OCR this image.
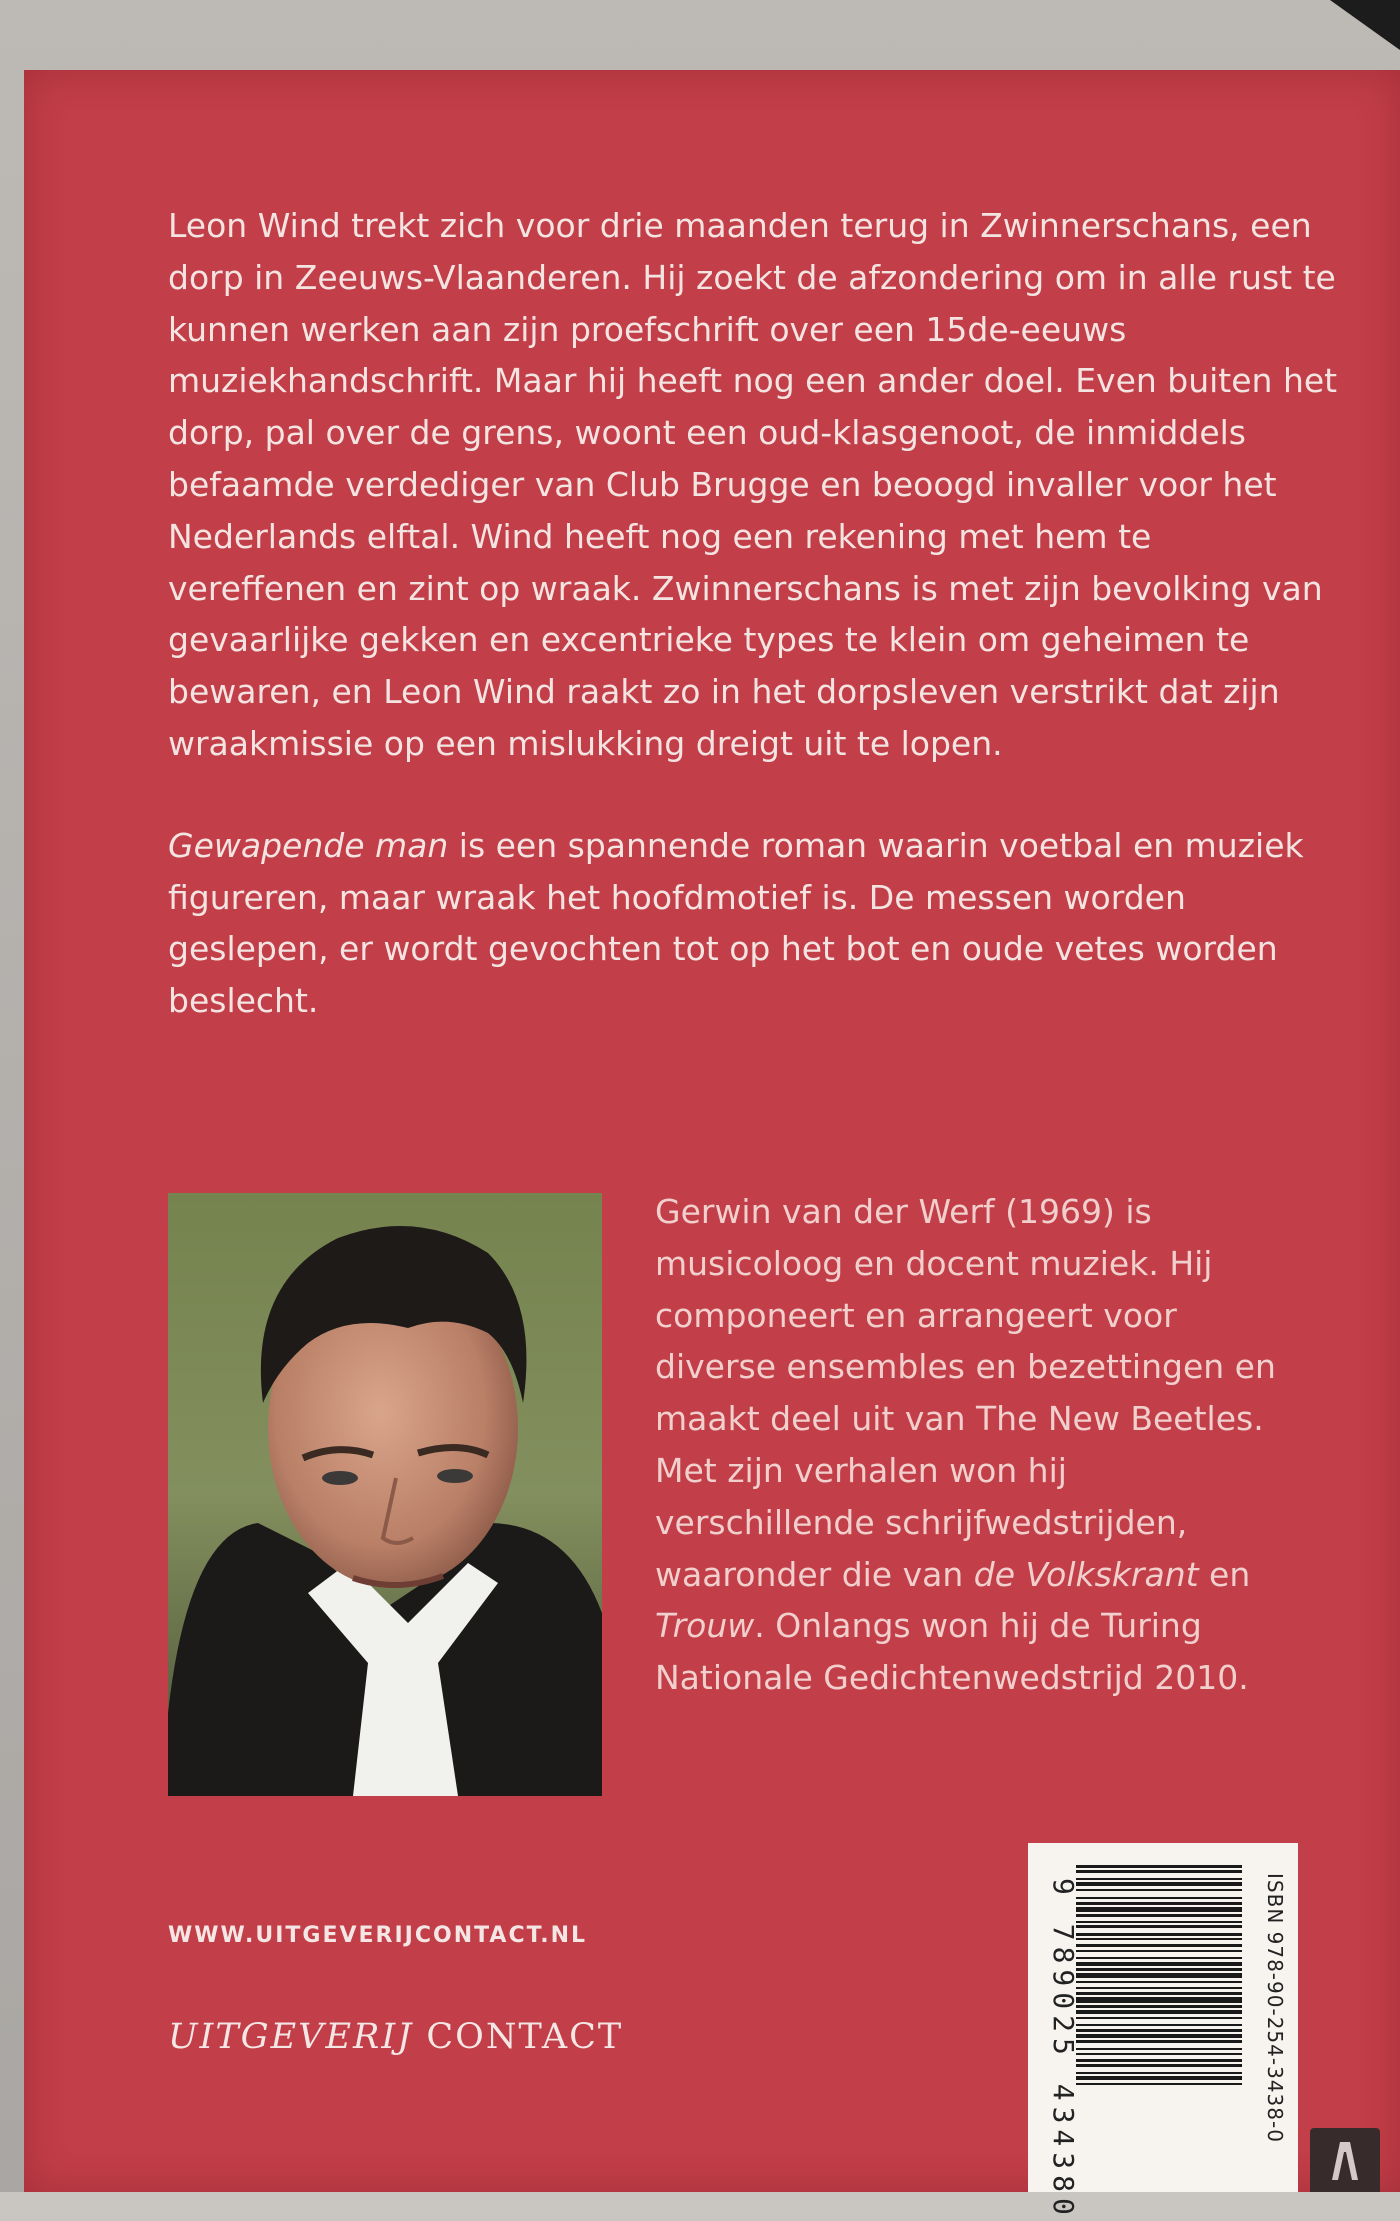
Leon Wind trekt zich voor drie maanden terug in Zwinnerschans, een dorp in Zeeuws-Vlaanderen. Hij zoekt de afzondering om in alle rust te kunnen werken aan zijn proefschrift over een 15de-eeuws muziekhandschrift. Maar hij heeft nog een ander doel. Even buiten het dorp, pal over de grens, woont een oud-klasgenoot, de inmiddels befaamde verdediger van Club Brugge en beoogd invaller voor het Nederlands elftal. Wind heeft nog een rekening met hem te vereffenen en zint op wraak. Zwinnerschans is met zijn bevolking van gevaarlijke gekken en excentrieke types te klein om geheimen te bewaren, en Leon Wind raakt zo in het dorpsleven verstrikt dat zijn wraakmissie op een mislukking dreigt uit te lopen.

Gewapende man is een spannende roman waarin voetbal en muziek figureren, maar wraak het hoofdmotief is. De messen worden geslepen, er wordt gevochten tot op het bot en oude vetes worden beslecht.

Gerwin van der Werf (1969) is musicoloog en docent muziek. Hij componeert en arrangeert voor diverse ensembles en bezettingen en maakt deel uit van The New Beetles. Met zijn verhalen won hij verschillende schrijfwedstrijden, waaronder die van de Volkskrant en Trouw. Onlangs won hij de Turing Nationale Gedichtenwedstrijd 2010.
WWW.UITGEVERIJCONTACT.NL
UITGEVERIJ CONTACT	ISBN 978-90-254-3438-0
9 789025 434380
